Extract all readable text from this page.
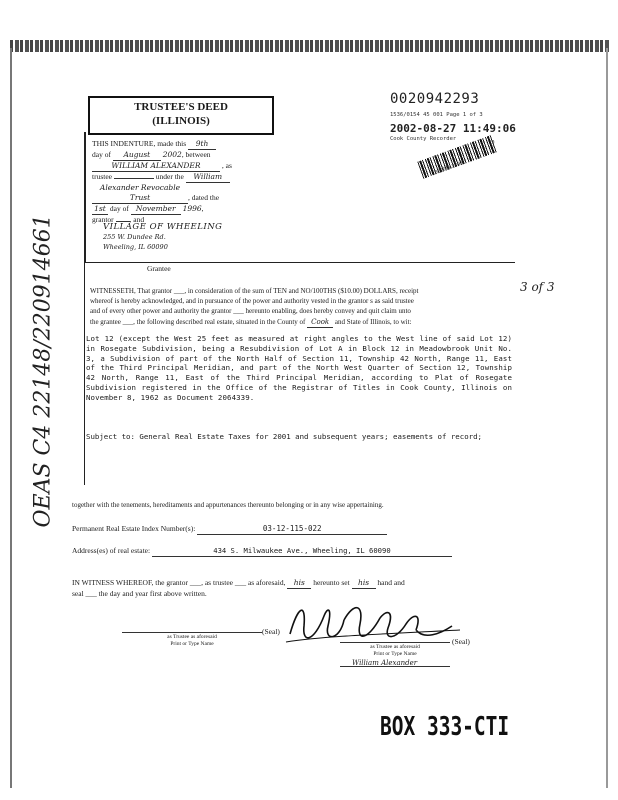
OEAS C4 22148/220914661
TRUSTEE'S DEED
(ILLINOIS)
0020942293
1536/0154 45 001 Page 1 of 3
2002-08-27 11:49:06
Cook County Recorder
0020942293
THIS INDENTURE, made this 9th
day of August 2002, between
WILLIAM ALEXANDER	, as
trustee	under the William
Alexander Revocable Trust	, dated the
1st day of November 1996,
grantor , and
VILLAGE OF WHEELING
255 W. Dundee Rd.
Wheeling, IL 60090
Grantee
WITNESSETH, That grantor ___, in consideration of the sum of TEN and NO/100THS ($10.00) DOLLARS, receipt
whereof is hereby acknowledged, and in pursuance of the power and authority vested in the grantor s as said trustee
and of every other power and authority the grantor ___ hereunto enabling, does hereby convey and quit claim unto
the grantee ___, the following described real estate, situated in the County of Cook and State of Illinois, to wit:
3 of 3
Lot 12 (except the West 25 feet as measured at right angles to the West line of said Lot 12) in Rosegate Subdivision, being a Resubdivision of Lot A in Block 12 in Meadowbrook Unit No. 3, a Subdivision of part of the North Half of Section 11, Township 42 North, Range 11, East of the Third Principal Meridian, and part of the North West Quarter of Section 12, Township 42 North, Range 11, East of the Third Principal Meridian, according to Plat of Rosegate Subdivision registered in the Office of the Registrar of Titles in Cook County, Illinois on November 8, 1962 as Document 2064339.
Subject to: General Real Estate Taxes for 2001 and subsequent years; easements of record;
together with the tenements, hereditaments and appurtenances thereunto belonging or in any wise appertaining.
Permanent Real Estate Index Number(s):	03-12-115-022
Address(es) of real estate:	434 S. Milwaukee Ave., Wheeling, IL 60090
IN WITNESS WHEREOF, the grantor ___, as trustee ___ as aforesaid, his hereunto set his hand and
seal ___ the day and year first above written.
as Trustee as aforesaid
Print or Type Name
(Seal)
(Seal)
as Trustee as aforesaid
Print or Type Name
William Alexander
BOX 333-CTI
